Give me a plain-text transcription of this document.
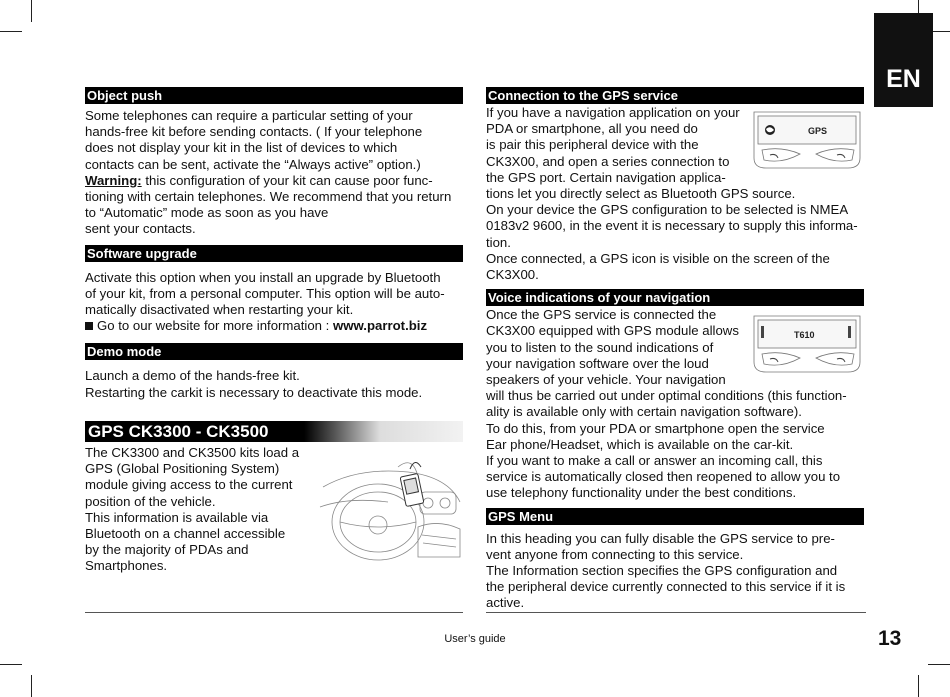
EN
Object push

Some telephones can require a particular setting of your

hands-free kit before sending contacts. ( If your telephone

does not display your kit in the list of devices to which

contacts can be sent, activate the “Always active” option.)

Warning: this configuration of your kit can cause poor func-

tioning with certain telephones. We recommend that you return

to “Automatic” mode as soon as you have

sent your contacts.

Software upgrade

Activate this option when you install an upgrade by Bluetooth

of your kit, from a personal computer. This option will be auto-

matically disactivated when restarting your kit.

Go to our website for more information : www.parrot.biz

Demo mode

Launch a demo of the hands-free kit.

Restarting the carkit is necessary to deactivate this mode.

GPS CK3300 - CK3500

The CK3300 and CK3500 kits load a

GPS (Global Positioning System)

module giving access to the current

position of the vehicle.

This information is available via

Bluetooth on a channel accessible

by the majority of PDAs and

Smartphones.

Connection to the GPS service

If you have a navigation application on your

PDA or smartphone, all you need do

is pair this peripheral device with the

CK3X00, and open a series connection to

the GPS port. Certain navigation applica-

tions let you directly select as Bluetooth GPS source.

On your device the GPS configuration to be selected is NMEA

0183v2 9600, in the event it is necessary to supply this informa-

tion.

Once connected, a GPS icon is visible on the screen of the

CK3X00.

Voice indications of your navigation

Once the GPS service is connected the

CK3X00 equipped with GPS module allows

you to listen to the sound indications of

your navigation software over the loud

speakers of your vehicle. Your navigation

will thus be carried out under optimal conditions (this function-

ality is available only with certain navigation software).

To do this, from your PDA or smartphone open the service

Ear phone/Headset, which is available on the car-kit.

If you want to make a call or answer an incoming call, this

service is automatically closed then reopened to allow you to

use telephony functionality under the best conditions.

GPS Menu

In this heading you can fully disable the GPS service to pre-

vent anyone from connecting to this service.

The Information section specifies the GPS configuration and

the peripheral device currently connected to this service if it is

active.

GPS
T610
User’s guide	13
